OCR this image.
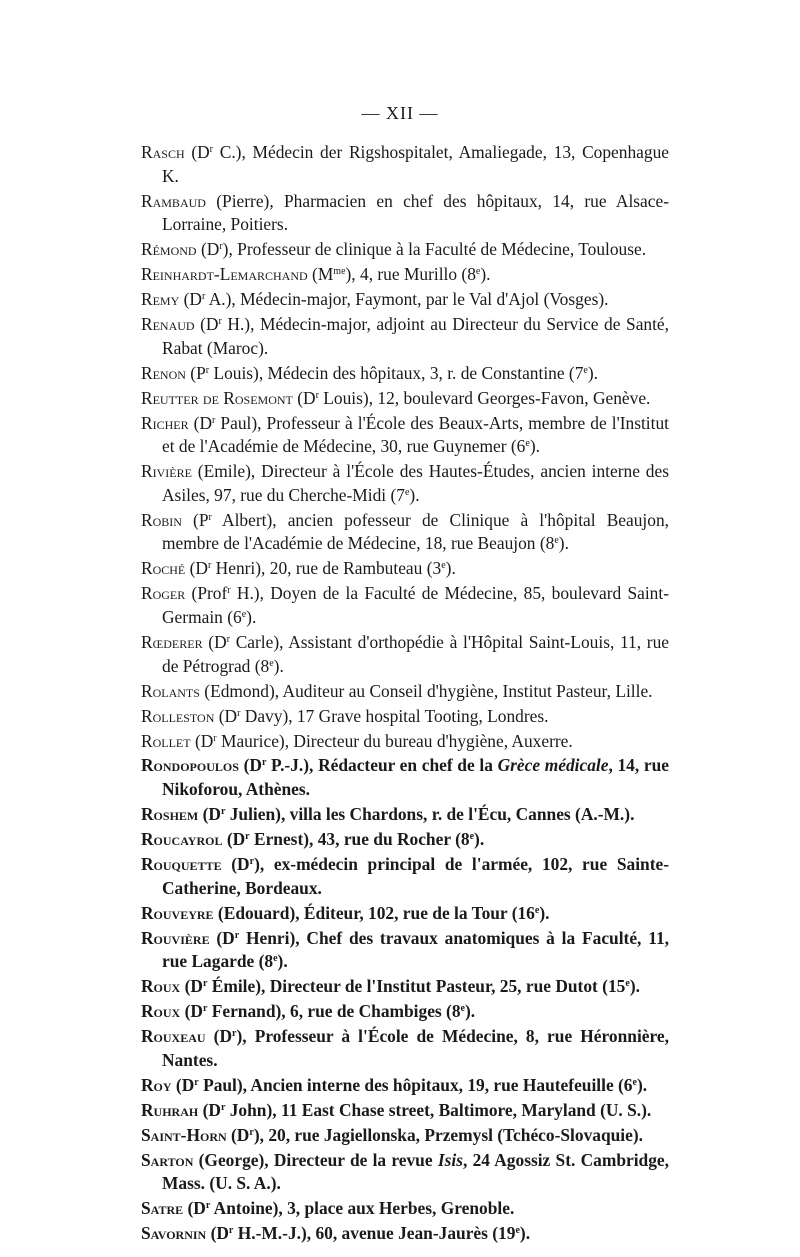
— XII —
Rasch ($D^r$ C.), Médecin der Rigshospitalet, Amaliegade, 13, Copenhague K.
Rambaud (Pierre), Pharmacien en chef des hôpitaux, 14, rue Alsace-Lorraine, Poitiers.
Rémond $(D^r)$, Professeur de clinique à la Faculté de Médecine, Toulouse.
Reinhardt-Lemarchand $(M^{me})$, 4, rue Murillo (8e).
Remy ($D^r$ A.), Médecin-major, Faymont, par le Val d'Ajol (Vosges).
Renaud ($D^r$ H.), Médecin-major, adjoint au Directeur du Service de Santé, Rabat (Maroc).
Renon ($P^r$ Louis), Médecin des hôpitaux, 3, r. de Constantine (7e).
Reutter de Rosemont ($D^r$ Louis), 12, boulevard Georges-Favon, Genève.
Richer ($D^r$ Paul), Professeur à l'École des Beaux-Arts, membre de l'Institut et de l'Académie de Médecine, 30, rue Guynemer (6e).
Rivière (Emile), Directeur à l'École des Hautes-Études, ancien interne des Asiles, 97, rue du Cherche-Midi (7e).
Robin ($P^r$ Albert), ancien pofesseur de Clinique à l'hôpital Beaujon, membre de l'Académie de Médecine, 18, rue Beaujon (8e).
Roché ($D^r$ Henri), 20, rue de Rambuteau (3e).
Roger (Prof$^r$ H.), Doyen de la Faculté de Médecine, 85, boulevard Saint-Germain (6e).
Rœderer ($D^r$ Carle), Assistant d'orthopédie à l'Hôpital Saint-Louis, 11, rue de Pétrograd (8e).
Rolants (Edmond), Auditeur au Conseil d'hygiène, Institut Pasteur, Lille.
Rolleston ($D^r$ Davy), 17 Grave hospital Tooting, Londres.
Rollet ($D^r$ Maurice), Directeur du bureau d'hygiène, Auxerre.
Rondopoulos ($D^r$ P.-J.), Rédacteur en chef de la Grèce médicale, 14, rue Nikoforou, Athènes.
Roshem ($D^r$ Julien), villa les Chardons, r. de l'Écu, Cannes (A.-M.).
Roucayrol ($D^r$ Ernest), 43, rue du Rocher (8e).
Rouquette $(D^r)$, ex-médecin principal de l'armée, 102, rue Sainte-Catherine, Bordeaux.
Rouveyre (Edouard), Éditeur, 102, rue de la Tour (16e).
Rouvière ($D^r$ Henri), Chef des travaux anatomiques à la Faculté, 11, rue Lagarde (8e).
Roux ($D^r$ Émile), Directeur de l'Institut Pasteur, 25, rue Dutot (15e).
Roux ($D^r$ Fernand), 6, rue de Chambiges (8e).
Rouxeau $(D^r)$, Professeur à l'École de Médecine, 8, rue Héronnière, Nantes.
Roy ($D^r$ Paul), Ancien interne des hôpitaux, 19, rue Hautefeuille (6e).
Ruhrah ($D^r$ John), 11 East Chase street, Baltimore, Maryland (U. S.).
Saint-Horn $(D^r)$, 20, rue Jagiellonska, Przemysl (Tchéco-Slovaquie).
Sarton (George), Directeur de la revue Isis, 24 Agossiz St. Cambridge, Mass. (U. S. A.).
Satre ($D^r$ Antoine), 3, place aux Herbes, Grenoble.
Savornin ($D^r$ H.-M.-J.), 60, avenue Jean-Jaurès (19e).
